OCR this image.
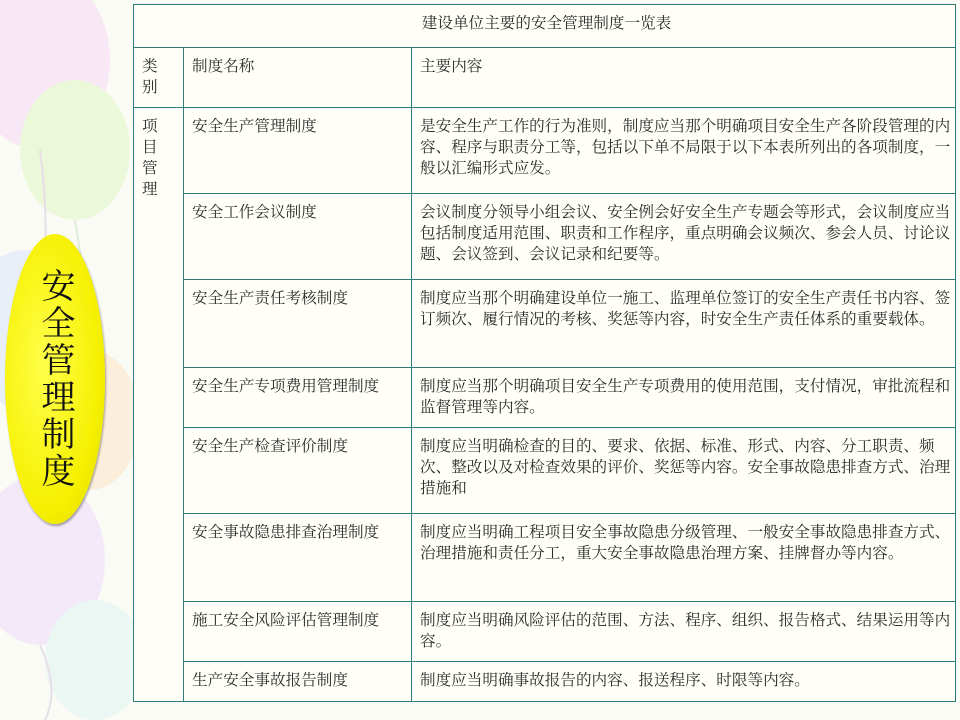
安全管理制度
建设单位主要的安全管理制度一览表		

类别	制度名称	主要内容

项目管理	安全生产管理制度	是安全生产工作的行为准则，制度应当那个明确项目安全生产各阶段管理的内容、程序与职责分工等，包括以下单不局限于以下本表所列出的各项制度，一般以汇编形式应发。
	安全工作会议制度	会议制度分领导小组会议、安全例会好安全生产专题会等形式，会议制度应当包括制度适用范围、职责和工作程序，重点明确会议频次、参会人员、讨论议题、会议签到、会议记录和纪要等。
	安全生产责任考核制度	制度应当那个明确建设单位一施工、监理单位签订的安全生产责任书内容、签订频次、履行情况的考核、奖惩等内容，时安全生产责任体系的重要载体。
	安全生产专项费用管理制度	制度应当那个明确项目安全生产专项费用的使用范围，支付情况，审批流程和监督管理等内容。
	安全生产检查评价制度	制度应当明确检查的目的、要求、依据、标准、形式、内容、分工职责、频次、整改以及对检查效果的评价、奖惩等内容。安全事故隐患排查方式、治理措施和
	安全事故隐患排查治理制度	制度应当明确工程项目安全事故隐患分级管理、一般安全事故隐患排查方式、治理措施和责任分工，重大安全事故隐患治理方案、挂牌督办等内容。
	施工安全风险评估管理制度	制度应当明确风险评估的范围、方法、程序、组织、报告格式、结果运用等内容。
	生产安全事故报告制度	制度应当明确事故报告的内容、报送程序、时限等内容。
